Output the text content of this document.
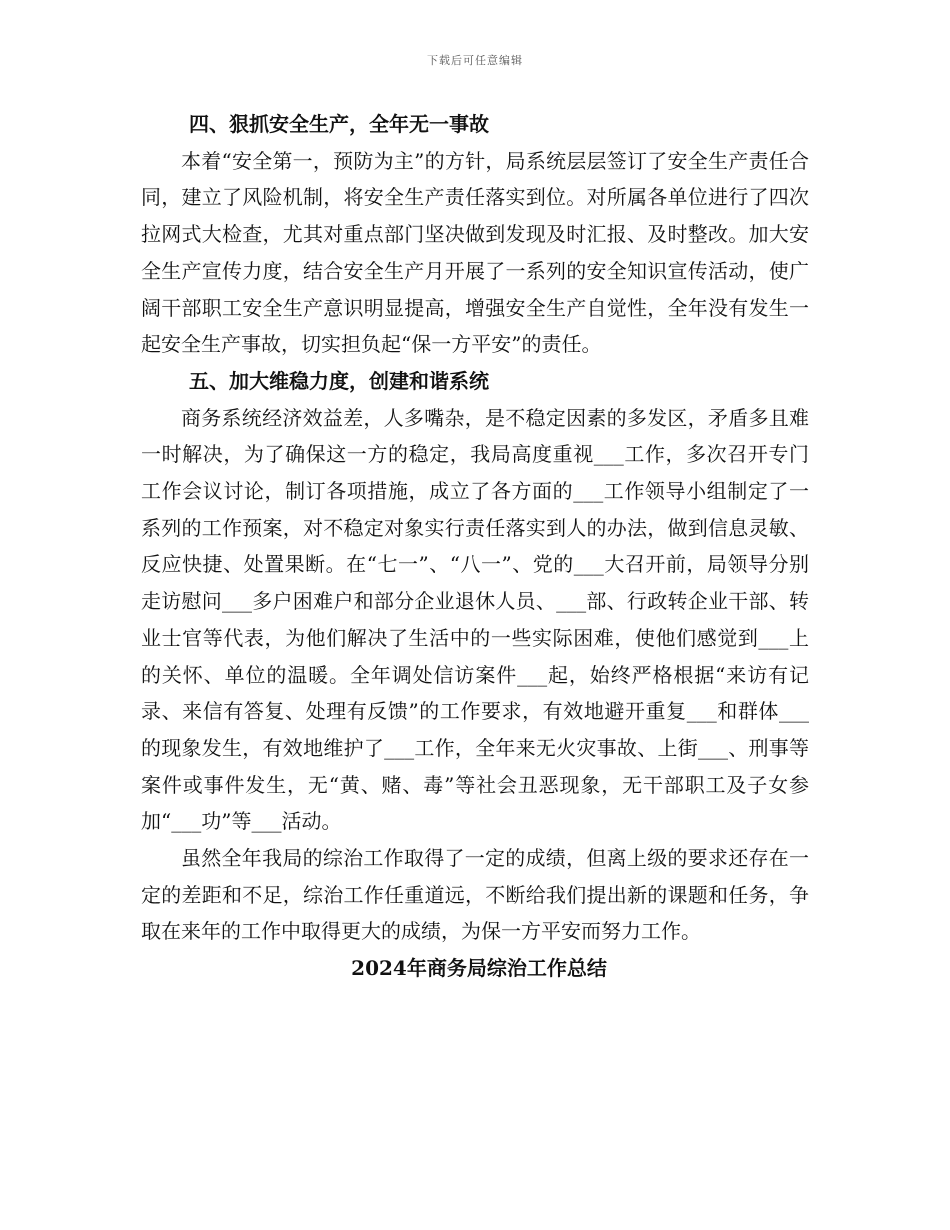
下载后可任意编辑

四、狠抓安全生产，全年无一事故

本着“安全第一，预防为主”的方针，局系统层层签订了安全生产责任合同，建立了风险机制，将安全生产责任落实到位。对所属各单位进行了四次拉网式大检查，尤其对重点部门坚决做到发现及时汇报、及时整改。加大安全生产宣传力度，结合安全生产月开展了一系列的安全知识宣传活动，使广阔干部职工安全生产意识明显提高，增强安全生产自觉性，全年没有发生一起安全生产事故，切实担负起“保一方平安”的责任。

五、加大维稳力度，创建和谐系统

商务系统经济效益差，人多嘴杂，是不稳定因素的多发区，矛盾多且难一时解决，为了确保这一方的稳定，我局高度重视___工作，多次召开专门工作会议讨论，制订各项措施，成立了各方面的___工作领导小组制定了一系列的工作预案，对不稳定对象实行责任落实到人的办法，做到信息灵敏、反应快捷、处置果断。在“七一”、“八一”、党的___大召开前，局领导分别走访慰问___多户困难户和部分企业退休人员、___部、行政转企业干部、转业士官等代表，为他们解决了生活中的一些实际困难，使他们感觉到___上的关怀、单位的温暖。全年调处信访案件___起，始终严格根据“来访有记录、来信有答复、处理有反馈”的工作要求，有效地避开重复___和群体___的现象发生，有效地维护了___工作，全年来无火灾事故、上街___、刑事等案件或事件发生，无“黄、赌、毒”等社会丑恶现象，无干部职工及子女参加“___功”等___活动。

虽然全年我局的综治工作取得了一定的成绩，但离上级的要求还存在一定的差距和不足，综治工作任重道远，不断给我们提出新的课题和任务，争取在来年的工作中取得更大的成绩，为保一方平安而努力工作。

2024年商务局综治工作总结
